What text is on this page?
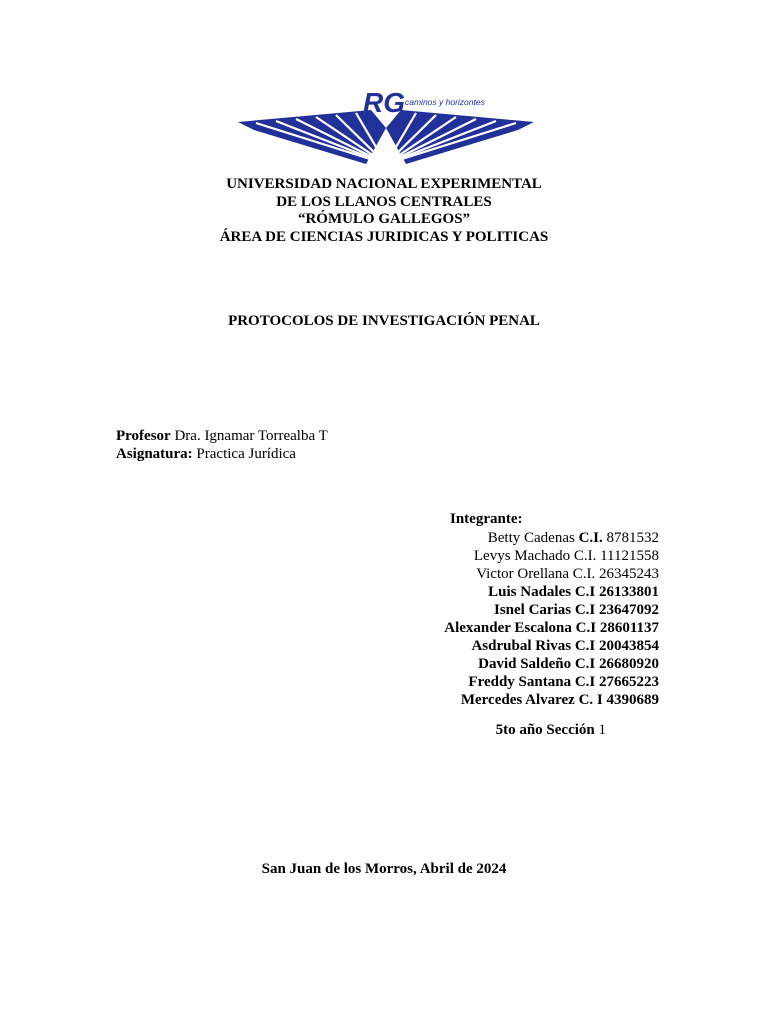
RG caminos y horizontes
UNIVERSIDAD NACIONAL EXPERIMENTAL
DE LOS LLANOS CENTRALES
“RÓMULO GALLEGOS”
ÁREA DE CIENCIAS JURIDICAS Y POLITICAS
PROTOCOLOS DE INVESTIGACIÓN PENAL
Profesor Dra. Ignamar Torrealba T
Asignatura: Practica Jurídica
Integrante:
Betty Cadenas C.I. 8781532
Levys Machado C.I. 11121558
Victor Orellana C.I. 26345243
Luis Nadales C.I 26133801
Isnel Carias C.I 23647092
Alexander Escalona C.I 28601137
Asdrubal Rivas C.I 20043854
David Saldeño C.I 26680920
Freddy Santana C.I 27665223
Mercedes Alvarez C. I 4390689
5to año Sección 1
San Juan de los Morros, Abril de 2024
